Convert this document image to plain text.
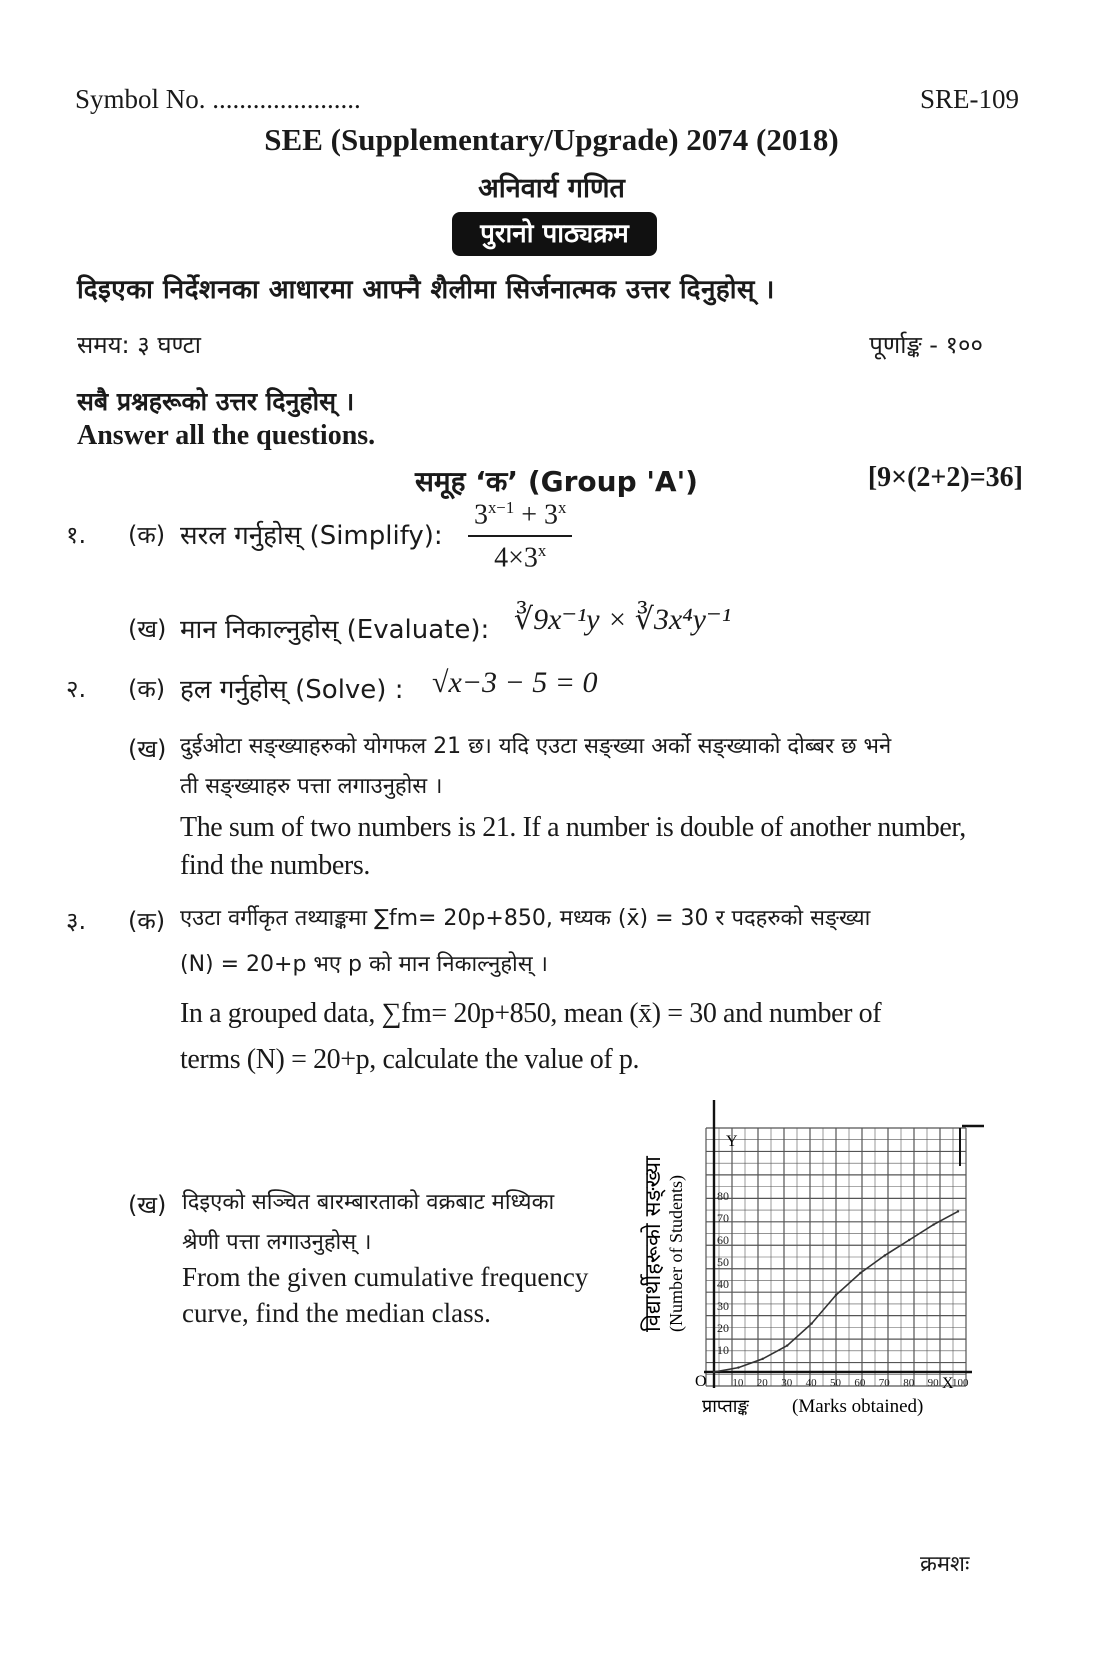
Symbol No. ......................	SRE-109
SEE (Supplementary/Upgrade) 2074 (2018)
अनिवार्य गणित
पुरानो पाठ्यक्रम
दिइएका निर्देशनका आधारमा आफ्नै शैलीमा सिर्जनात्मक उत्तर दिनुहोस् ।
समय: ३ घण्टा	पूर्णाङ्क - १००
सबै प्रश्नहरूको उत्तर दिनुहोस् ।
Answer all the questions.
समूह ‘क’ (Group 'A')	[9×(2+2)=36]
१. (क) सरल गर्नुहोस् (Simplify): $\frac{3^{x-1} + 3^x}{4\times 3^x}$
(ख) मान निकाल्नुहोस् (Evaluate): ∛9x⁻¹y × ∛3x⁴y⁻¹
२. (क) हल गर्नुहोस् (Solve) : √x−3 − 5 = 0
(ख) दुईओटा सङ्ख्याहरुको योगफल 21 छ। यदि एउटा सङ्ख्या अर्को सङ्ख्याको दोब्बर छ भने
ती सङ्ख्याहरु पत्ता लगाउनुहोस ।
The sum of two numbers is 21. If a number is double of another number,
find the numbers.
३. (क) एउटा वर्गीकृत तथ्याङ्कमा ∑fm= 20p+850, मध्यक (x̄) = 30 र पदहरुको सङ्ख्या
(N) = 20+p भए p को मान निकाल्नुहोस् ।
In a grouped data, ∑fm= 20p+850, mean (x̄) = 30 and number of
terms (N) = 20+p, calculate the value of p.
(ख) दिइएको सञ्चित बारम्बारताको वक्रबाट मध्यिका
श्रेणी पत्ता लगाउनुहोस् ।
From the given cumulative frequency
curve, find the median class.
10 20 30 40 50 60 70 80 90 100
10
20
30
40
50
60
70
80
विद्यार्थीहरूको सङ्ख्या (Number of Students)
प्राप्ताङ्क (Marks obtained)
Y
O	X
क्रमशः
